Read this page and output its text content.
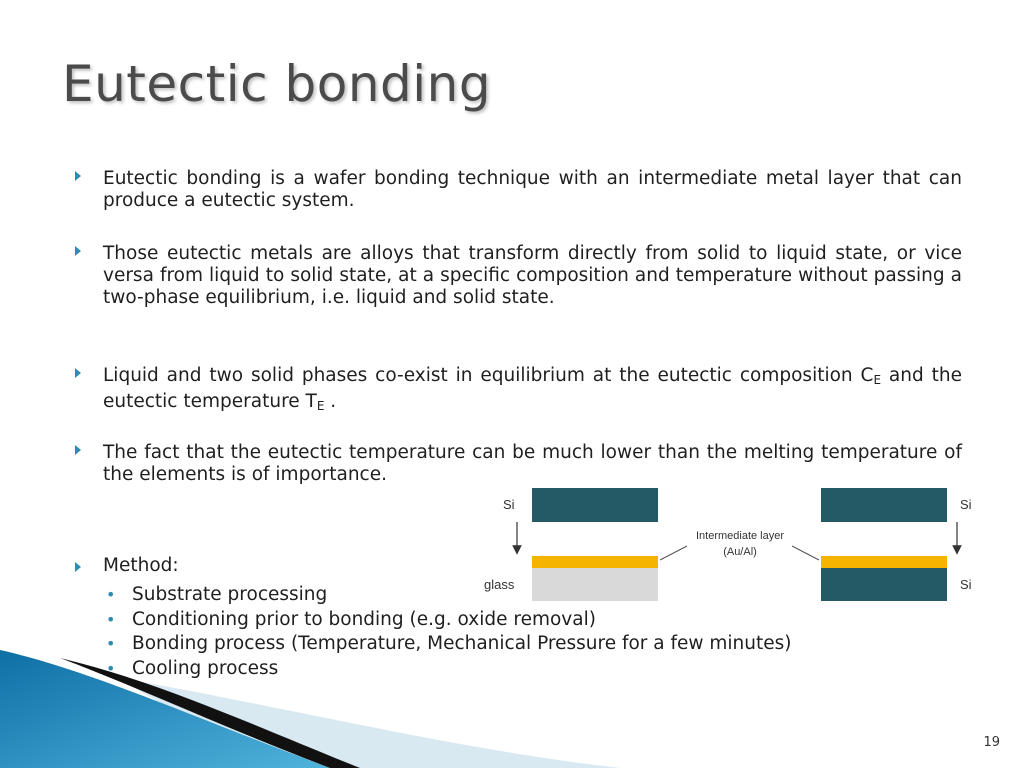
Eutectic bonding
Eutectic bonding is a wafer bonding technique with an intermediate metal layer that can produce a eutectic system.
Those eutectic metals are alloys that transform directly from solid to liquid state, or vice versa from liquid to solid state, at a specific composition and temperature without passing a two-phase equilibrium, i.e. liquid and solid state.
Liquid and two solid phases co-exist in equilibrium at the eutectic composition $C_E$ and the eutectic temperature $T_E$ .
The fact that the eutectic temperature can be much lower than the melting temperature of the elements is of importance.
Method:
• Substrate processing
• Conditioning prior to bonding (e.g. oxide removal)
• Bonding process (Temperature, Mechanical Pressure for a few minutes)
• Cooling process
Si
glass
Si
Si
Intermediate layer
(Au/Al)
19
